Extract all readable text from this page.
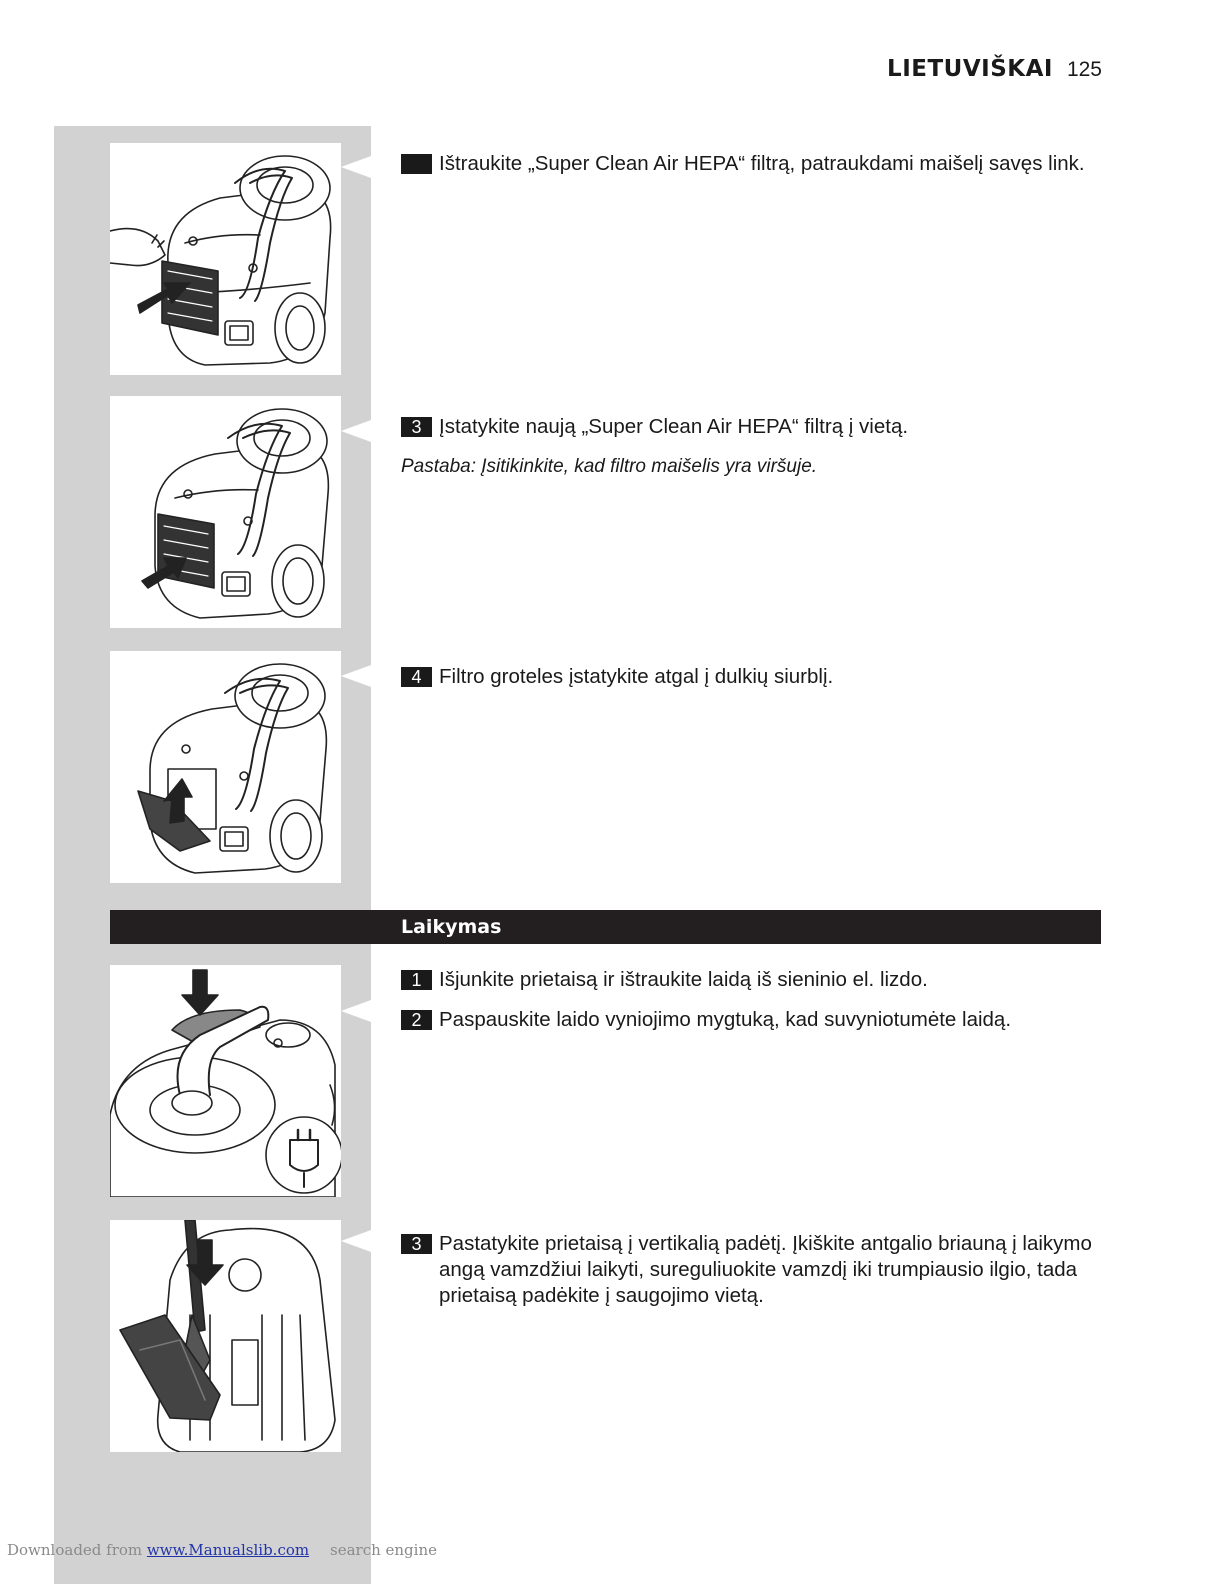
LIETUVIŠKAI 125
Ištraukite „Super Clean Air HEPA“ filtrą, patraukdami maišelį savęs link.
3 Įstatykite naują „Super Clean Air HEPA“ filtrą į vietą.
Pastaba: Įsitikinkite, kad filtro maišelis yra viršuje.
4 Filtro groteles įstatykite atgal į dulkių siurblį.
Laikymas
1 Išjunkite prietaisą ir ištraukite laidą iš sieninio el. lizdo.
2 Paspauskite laido vyniojimo mygtuką, kad suvyniotumėte laidą.
3 Pastatykite prietaisą į vertikalią padėtį. Įkiškite antgalio briauną į laikymo angą vamzdžiui laikyti, sureguliuokite vamzdį iki trumpiausio ilgio, tada prietaisą padėkite į saugojimo vietą.
Downloaded from www.Manualslib.com search engine
